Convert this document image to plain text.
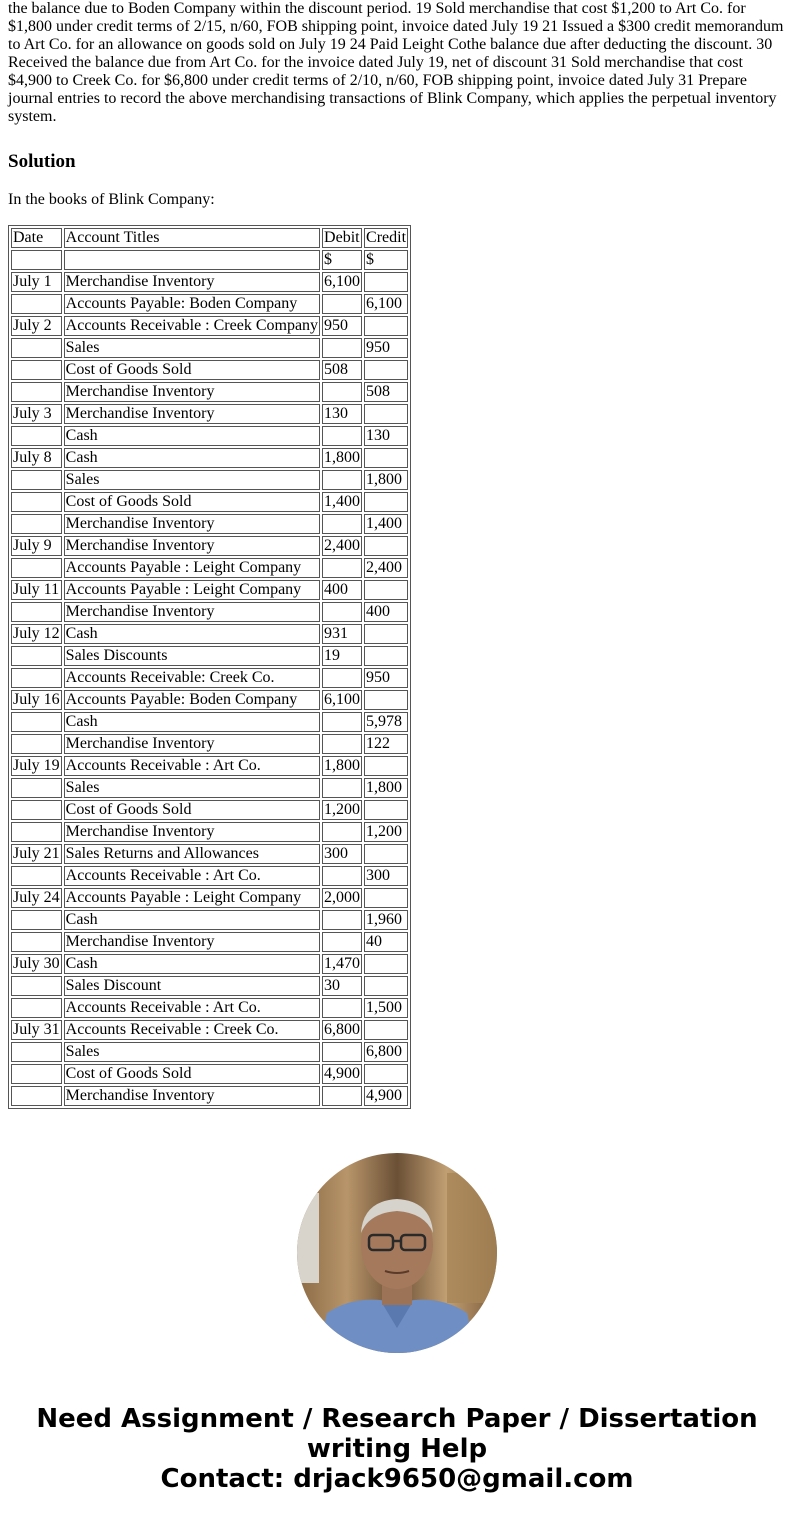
the balance due to Boden Company within the discount period. 19 Sold merchandise that cost $1,200 to Art Co. for $1,800 under credit terms of 2/15, n/60, FOB shipping point, invoice dated July 19 21 Issued a $300 credit memorandum to Art Co. for an allowance on goods sold on July 19 24 Paid Leight Cothe balance due after deducting the discount. 30 Received the balance due from Art Co. for the invoice dated July 19, net of discount 31 Sold merchandise that cost $4,900 to Creek Co. for $6,800 under credit terms of 2/10, n/60, FOB shipping point, invoice dated July 31 Prepare journal entries to record the above merchandising transactions of Blink Company, which applies the perpetual inventory system.

Solution

In the books of Blink Company:

Date	Account Titles	Debit	Credit
		$	$
July 1	Merchandise Inventory	6,100	
	Accounts Payable: Boden Company		6,100
July 2	Accounts Receivable : Creek Company	950	
	Sales		950
	Cost of Goods Sold	508	
	Merchandise Inventory		508
July 3	Merchandise Inventory	130	
	Cash		130
July 8	Cash	1,800	
	Sales		1,800
	Cost of Goods Sold	1,400	
	Merchandise Inventory		1,400
July 9	Merchandise Inventory	2,400	
	Accounts Payable : Leight Company		2,400
July 11	Accounts Payable : Leight Company	400	
	Merchandise Inventory		400
July 12	Cash	931	
	Sales Discounts	19	
	Accounts Receivable: Creek Co.		950
July 16	Accounts Payable: Boden Company	6,100	
	Cash		5,978
	Merchandise Inventory		122
July 19	Accounts Receivable : Art Co.	1,800	
	Sales		1,800
	Cost of Goods Sold	1,200	
	Merchandise Inventory		1,200
July 21	Sales Returns and Allowances	300	
	Accounts Receivable : Art Co.		300
July 24	Accounts Payable : Leight Company	2,000	
	Cash		1,960
	Merchandise Inventory		40
July 30	Cash	1,470	
	Sales Discount	30	
	Accounts Receivable : Art Co.		1,500
July 31	Accounts Receivable : Creek Co.	6,800	
	Sales		6,800
	Cost of Goods Sold	4,900	
	Merchandise Inventory		4,900
Need Assignment / Research Paper / Dissertation
writing Help
Contact: drjack9650@gmail.com
